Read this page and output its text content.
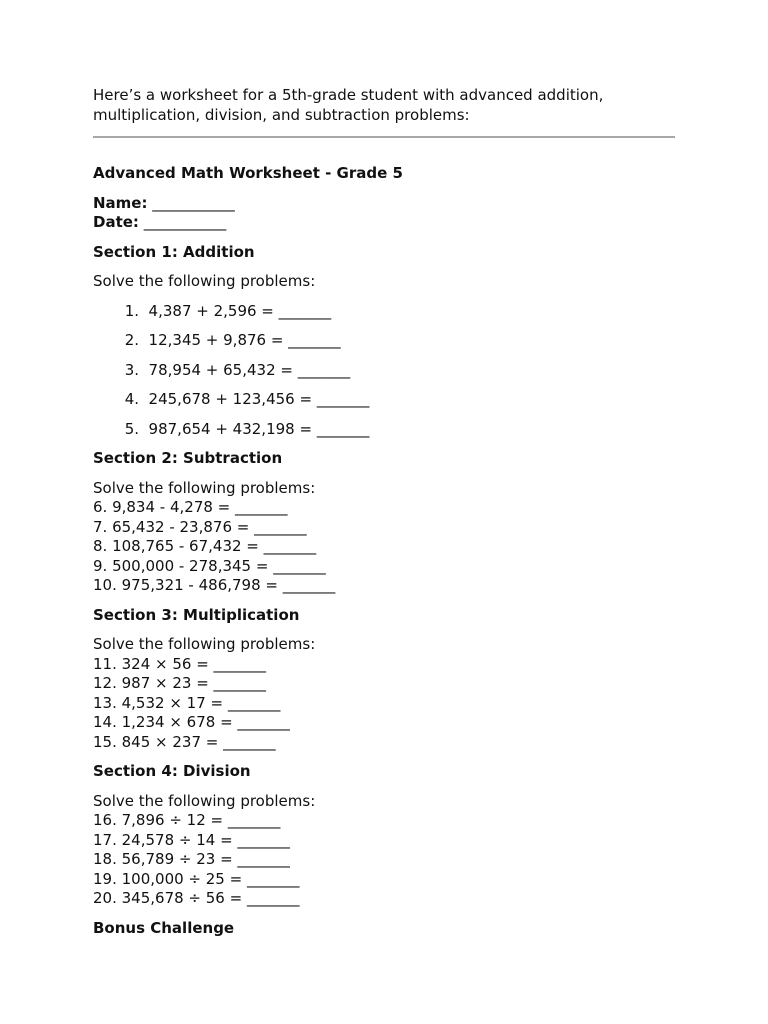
Here’s a worksheet for a 5th-grade student with advanced addition, multiplication, division, and subtraction problems:

Advanced Math Worksheet - Grade 5

Name: ___________
Date: ___________

Section 1: Addition

Solve the following problems:

1.
4,387 + 2,596 = _______
2.
12,345 + 9,876 = _______
3.
78,954 + 65,432 = _______
4.
245,678 + 123,456 = _______
5.
987,654 + 432,198 = _______

Section 2: Subtraction

Solve the following problems:
6. 9,834 - 4,278 = _______
7. 65,432 - 23,876 = _______
8. 108,765 - 67,432 = _______
9. 500,000 - 278,345 = _______
10. 975,321 - 486,798 = _______

Section 3: Multiplication

Solve the following problems:
11. 324 × 56 = _______
12. 987 × 23 = _______
13. 4,532 × 17 = _______
14. 1,234 × 678 = _______
15. 845 × 237 = _______

Section 4: Division

Solve the following problems:
16. 7,896 ÷ 12 = _______
17. 24,578 ÷ 14 = _______
18. 56,789 ÷ 23 = _______
19. 100,000 ÷ 25 = _______
20. 345,678 ÷ 56 = _______

Bonus Challenge
